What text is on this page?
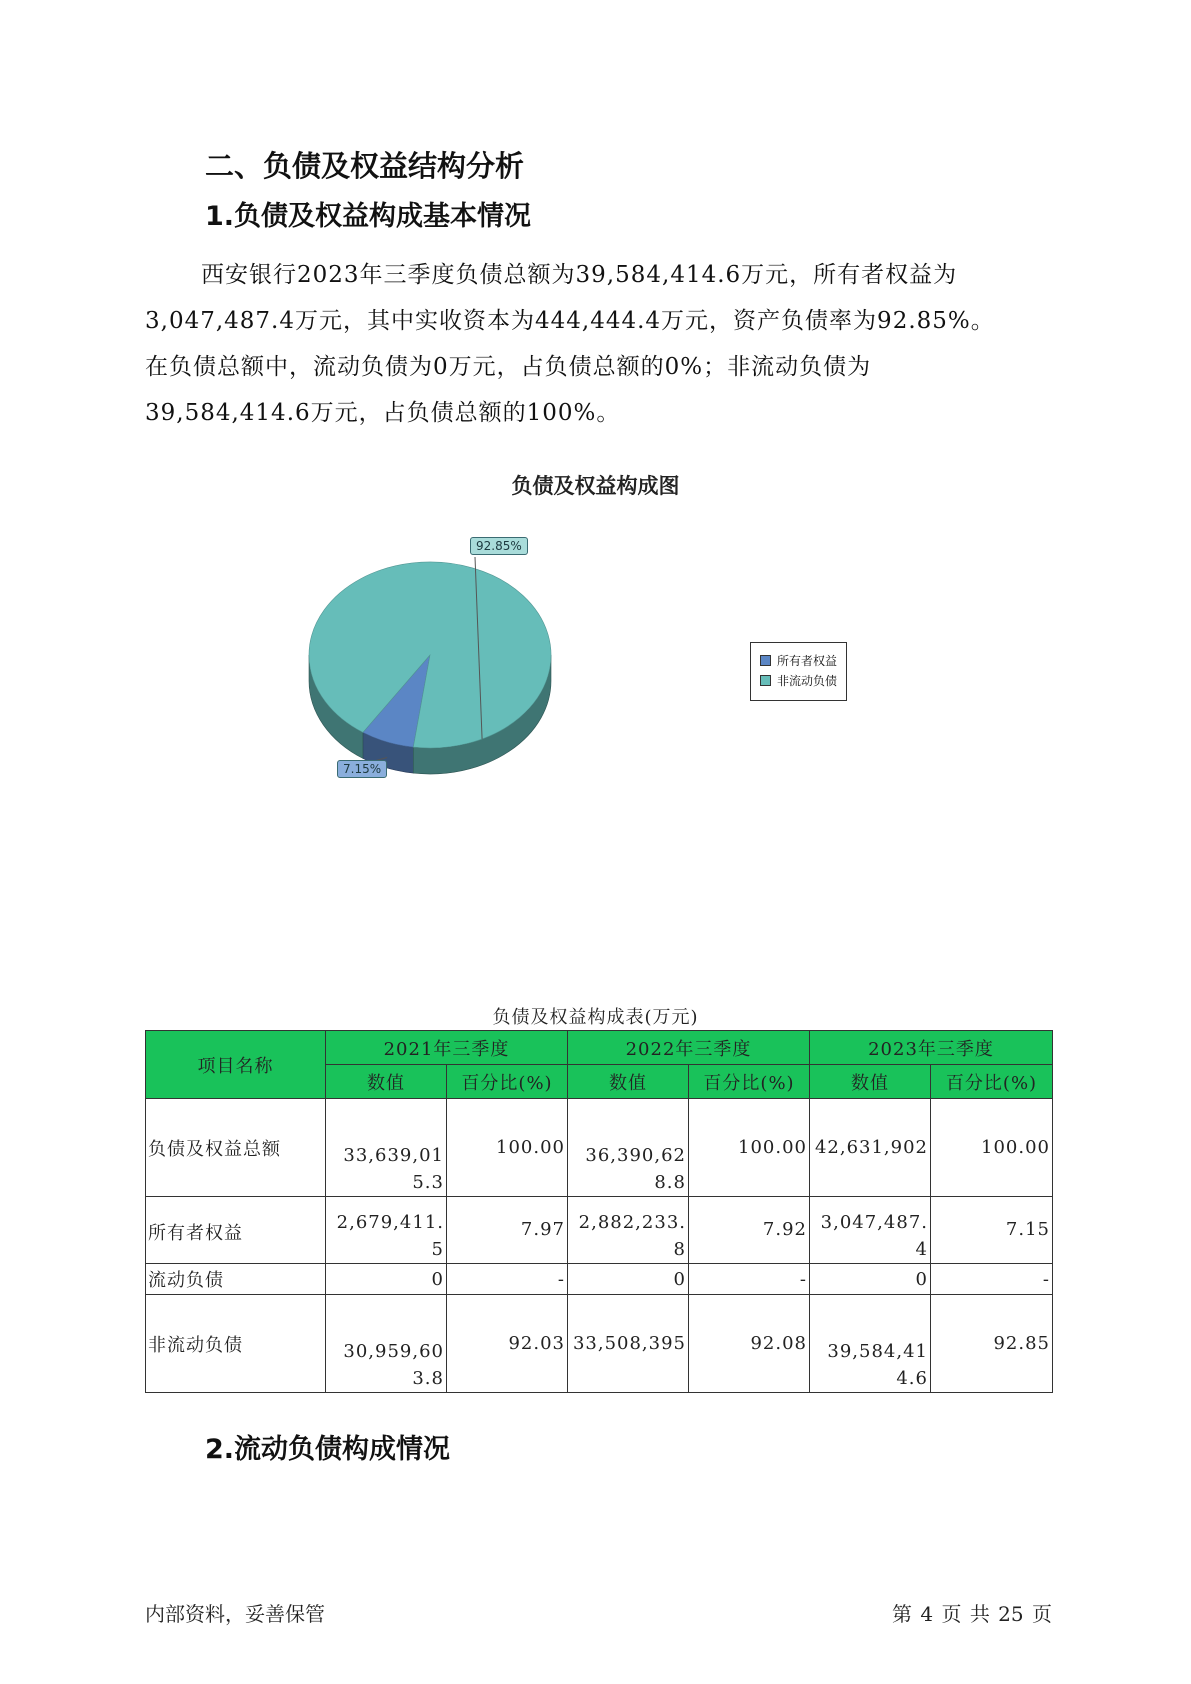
二、负债及权益结构分析
1.负债及权益构成基本情况
西安银行2023年三季度负债总额为39,584,414.6万元，所有者权益为
3,047,487.4万元，其中实收资本为444,444.4万元，资产负债率为92.85%。
在负债总额中，流动负债为0万元，占负债总额的0%；非流动负债为
39,584,414.6万元，占负债总额的100%。
负债及权益构成图
92.85%
7.15%
所有者权益
非流动负债
负债及权益构成表(万元)
项目名称	2021年三季度		2022年三季度		2023年三季度	
	数值	百分比(%)	数值	百分比(%)	数值	百分比(%)
负债及权益总额	33,639,015.3	100.00	36,390,628.8	100.00	42,631,902	100.00
所有者权益	2,679,411.5	7.97	2,882,233.8	7.92	3,047,487.4	7.15
流动负债	0	-	0	-	0	-
非流动负债	30,959,603.8	92.03	33,508,395	92.08	39,584,414.6	92.85
2.流动负债构成情况
内部资料，妥善保管	第 4 页 共 25 页
